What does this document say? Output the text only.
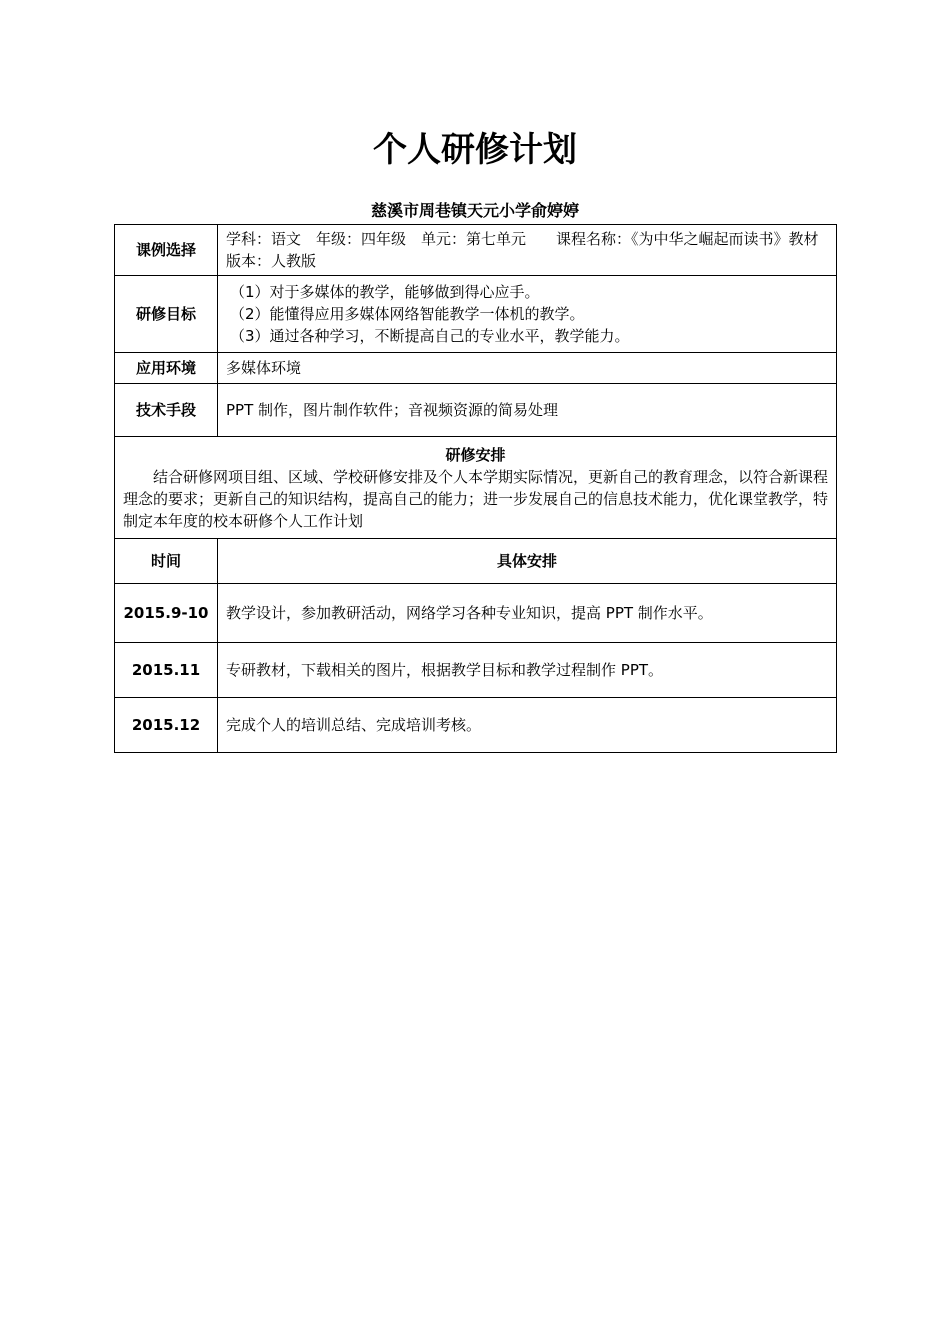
个人研修计划
慈溪市周巷镇天元小学俞婷婷
课例选择	学科：语文　年级：四年级　单元：第七单元　　课程名称：《为中华之崛起而读书》教材版本：人教版
研修目标	（1）对于多媒体的教学，能够做到得心应手。
（2）能懂得应用多媒体网络智能教学一体机的教学。
（3）通过各种学习，不断提高自己的专业水平，教学能力。

应用环境	多媒体环境
技术手段	PPT 制作，图片制作软件；音视频资源的简易处理

研修安排
结合研修网项目组、区域、学校研修安排及个人本学期实际情况，更新自己的教育理念，以符合新课程理念的要求；更新自己的知识结构，提高自己的能力；进一步发展自己的信息技术能力，优化课堂教学，特制定本年度的校本研修个人工作计划	

时间	具体安排
2015.9-10	教学设计，参加教研活动，网络学习各种专业知识，提高 PPT 制作水平。
2015.11	专研教材，下载相关的图片，根据教学目标和教学过程制作 PPT。
2015.12	完成个人的培训总结、完成培训考核。
